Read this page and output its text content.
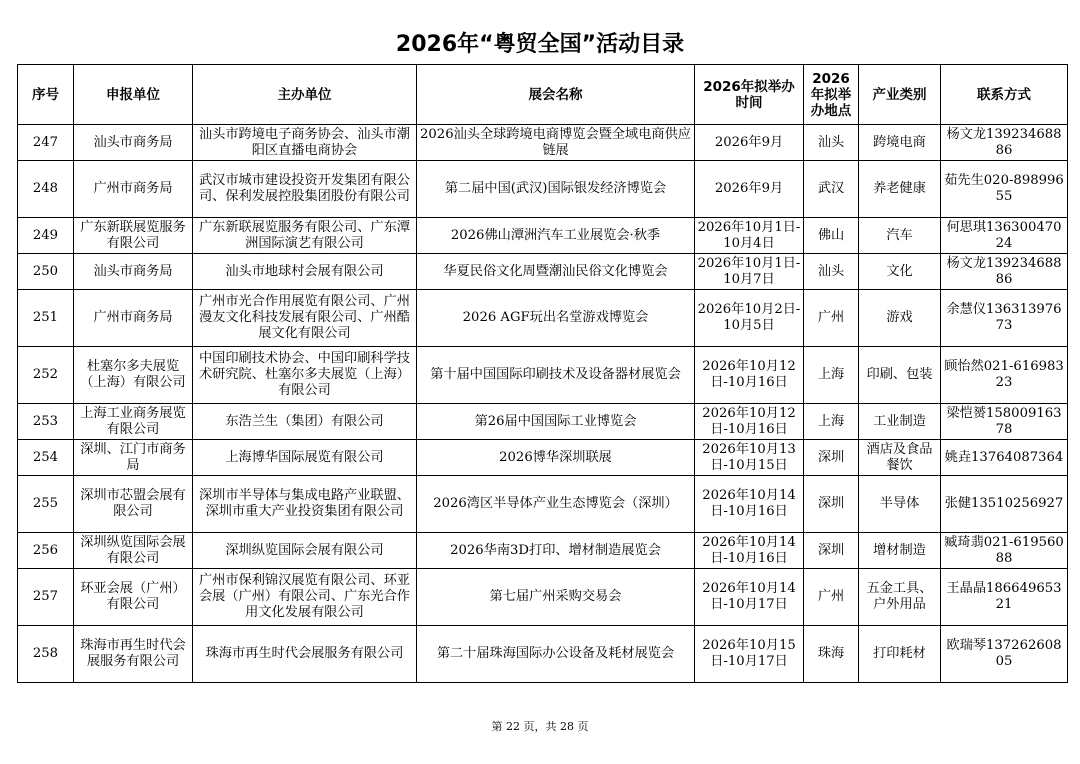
2026年“粤贸全国”活动目录
序号	申报单位	主办单位	展会名称	2026年拟举办时间	2026年拟举办地点	产业类别	联系方式
247	汕头市商务局	汕头市跨境电子商务协会、汕头市潮阳区直播电商协会	2026汕头全球跨境电商博览会暨全域电商供应链展	2026年9月	汕头	跨境电商	杨文龙13923468886
248	广州市商务局	武汉市城市建设投资开发集团有限公司、保利发展控股集团股份有限公司	第二届中国(武汉)国际银发经济博览会	2026年9月	武汉	养老健康	茹先生020-89899655
249	广东新联展览服务有限公司	广东新联展览服务有限公司、广东潭洲国际演艺有限公司	2026佛山潭洲汽车工业展览会·秋季	2026年10月1日-10月4日	佛山	汽车	何思琪13630047024
250	汕头市商务局	汕头市地球村会展有限公司	华夏民俗文化周暨潮汕民俗文化博览会	2026年10月1日-10月7日	汕头	文化	杨文龙13923468886
251	广州市商务局	广州市光合作用展览有限公司、广州漫友文化科技发展有限公司、广州酷展文化有限公司	2026 AGF玩出名堂游戏博览会	2026年10月2日-10月5日	广州	游戏	余慧仪13631397673
252	杜塞尔多夫展览（上海）有限公司	中国印刷技术协会、中国印刷科学技术研究院、杜塞尔多夫展览（上海）有限公司	第十届中国国际印刷技术及设备器材展览会	2026年10月12日-10月16日	上海	印刷、包装	顾怡然021-61698323
253	上海工业商务展览有限公司	东浩兰生（集团）有限公司	第26届中国国际工业博览会	2026年10月12日-10月16日	上海	工业制造	梁恺赟15800916378
254	深圳、江门市商务局	上海博华国际展览有限公司	2026博华深圳联展	2026年10月13日-10月15日	深圳	酒店及食品餐饮	姚垚13764087364
255	深圳市芯盟会展有限公司	深圳市半导体与集成电路产业联盟、深圳市重大产业投资集团有限公司	2026湾区半导体产业生态博览会（深圳）	2026年10月14日-10月16日	深圳	半导体	张健13510256927
256	深圳纵览国际会展有限公司	深圳纵览国际会展有限公司	2026华南3D打印、增材制造展览会	2026年10月14日-10月16日	深圳	增材制造	臧琦翡021-61956088
257	环亚会展（广州）有限公司	广州市保利锦汉展览有限公司、环亚会展（广州）有限公司、广东光合作用文化发展有限公司	第七届广州采购交易会	2026年10月14日-10月17日	广州	五金工具、户外用品	王晶晶18664965321
258	珠海市再生时代会展服务有限公司	珠海市再生时代会展服务有限公司	第二十届珠海国际办公设备及耗材展览会	2026年10月15日-10月17日	珠海	打印耗材	欧瑞琴13726260805
第 22 页，共 28 页
